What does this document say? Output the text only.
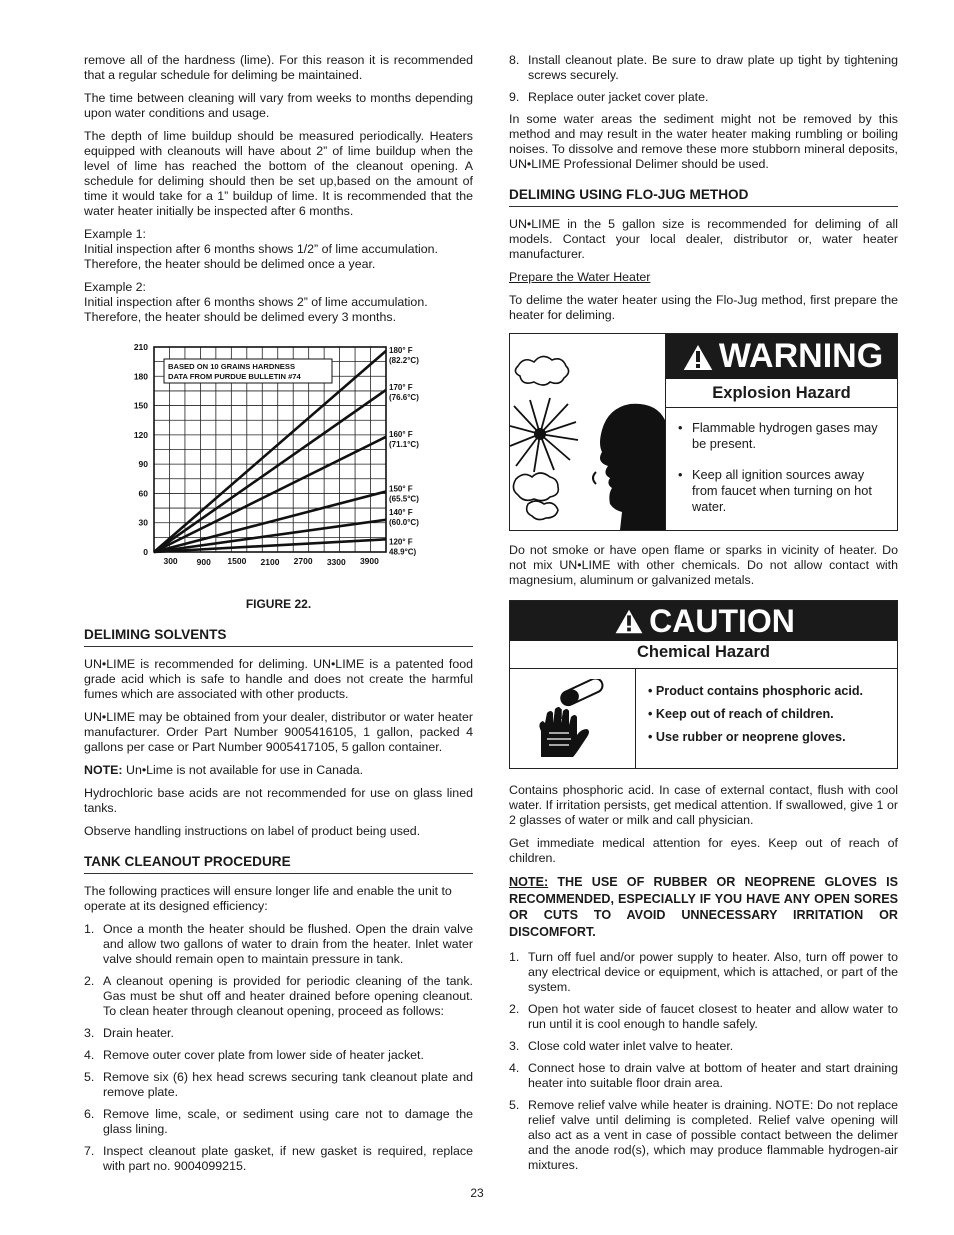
remove all of the hardness (lime). For this reason it is recommended that a regular schedule for deliming be maintained.

The time between cleaning will vary from weeks to months depending upon water conditions and usage.

The depth of lime buildup should be measured periodically. Heaters equipped with cleanouts will have about 2” of lime buildup when the level of lime has reached the bottom of the cleanout opening. A schedule for deliming should then be set up,based on the amount of time it would take for a 1” buildup of lime. It is recommended that the water heater initially be inspected after 6 months.

Example 1:
Initial inspection after 6 months shows 1/2” of lime accumulation. Therefore, the heater should be delimed once a year.

Example 2:
Initial inspection after 6 months shows 2” of lime accumulation. Therefore, the heater should be delimed every 3 months.

0
30
60
90
120
150
180
210
300 900 1500 2100 2700 3300 3900
BASED ON 10 GRAINS HARDNESS
DATA FROM PURDUE BULLETIN #74
180° F
(82.2°C)
170° F
(76.6°C)
160° F
(71.1°C)
150° F
(65.5°C)
140° F
(60.0°C)
120° F
48.9°C)
FIGURE 22.
DELIMING SOLVENTS

UN•LIME is recommended for deliming. UN•LIME is a patented food grade acid which is safe to handle and does not create the harmful fumes which are associated with other products.

UN•LIME may be obtained from your dealer, distributor or water heater manufacturer. Order Part Number 9005416105, 1 gallon, packed 4 gallons per case or Part Number 9005417105, 5 gallon container.

NOTE: Un•Lime is not available for use in Canada.

Hydrochloric base acids are not recommended for use on glass lined tanks.

Observe handling instructions on label of product being used.

TANK CLEANOUT PROCEDURE

The following practices will ensure longer life and enable the unit to operate at its designed efficiency:

1. Once a month the heater should be flushed. Open the drain valve and allow two gallons of water to drain from the heater. Inlet water valve should remain open to maintain pressure in tank.
2. A cleanout opening is provided for periodic cleaning of the tank. Gas must be shut off and heater drained before opening cleanout. To clean heater through cleanout opening, proceed as follows:
3. Drain heater.
4. Remove outer cover plate from lower side of heater jacket.
5. Remove six (6) hex head screws securing tank cleanout plate and remove plate.
6. Remove lime, scale, or sediment using care not to damage the glass lining.
7. Inspect cleanout plate gasket, if new gasket is required, replace with part no. 9004099215.
8. Install cleanout plate. Be sure to draw plate up tight by tightening screws securely.
9. Replace outer jacket cover plate.

In some water areas the sediment might not be removed by this method and may result in the water heater making rumbling or boiling noises. To dissolve and remove these more stubborn mineral deposits, UN•LIME Professional Delimer should be used.

DELIMING USING FLO-JUG METHOD

UN•LIME in the 5 gallon size is recommended for deliming of all models. Contact your local dealer, distributor or, water heater manufacturer.

Prepare the Water Heater

To delime the water heater using the Flo-Jug method, first prepare the heater for deliming.

WARNING
Explosion Hazard
• Flammable hydrogen gases may be present.
• Keep all ignition sources away from faucet when turning on hot water.

Do not smoke or have open flame or sparks in vicinity of heater. Do not mix UN•LIME with other chemicals. Do not allow contact with magnesium, aluminum or galvanized metals.

CAUTION
Chemical Hazard
• Product contains phosphoric acid.
• Keep out of reach of children.
• Use rubber or neoprene gloves.

Contains phosphoric acid. In case of external contact, flush with cool water. If irritation persists, get medical attention. If swallowed, give 1 or 2 glasses of water or milk and call physician.

Get immediate medical attention for eyes. Keep out of reach of children.

NOTE: THE USE OF RUBBER OR NEOPRENE GLOVES IS RECOMMENDED, ESPECIALLY IF YOU HAVE ANY OPEN SORES OR CUTS TO AVOID UNNECESSARY IRRITATION OR DISCOMFORT.

1. Turn off fuel and/or power supply to heater. Also, turn off power to any electrical device or equipment, which is attached, or part of the system.
2. Open hot water side of faucet closest to heater and allow water to run until it is cool enough to handle safely.
3. Close cold water inlet valve to heater.
4. Connect hose to drain valve at bottom of heater and start draining heater into suitable floor drain area.
5. Remove relief valve while heater is draining. NOTE: Do not replace relief valve until deliming is completed. Relief valve opening will also act as a vent in case of possible contact between the delimer and the anode rod(s), which may produce flammable hydrogen-air mixtures.
23
